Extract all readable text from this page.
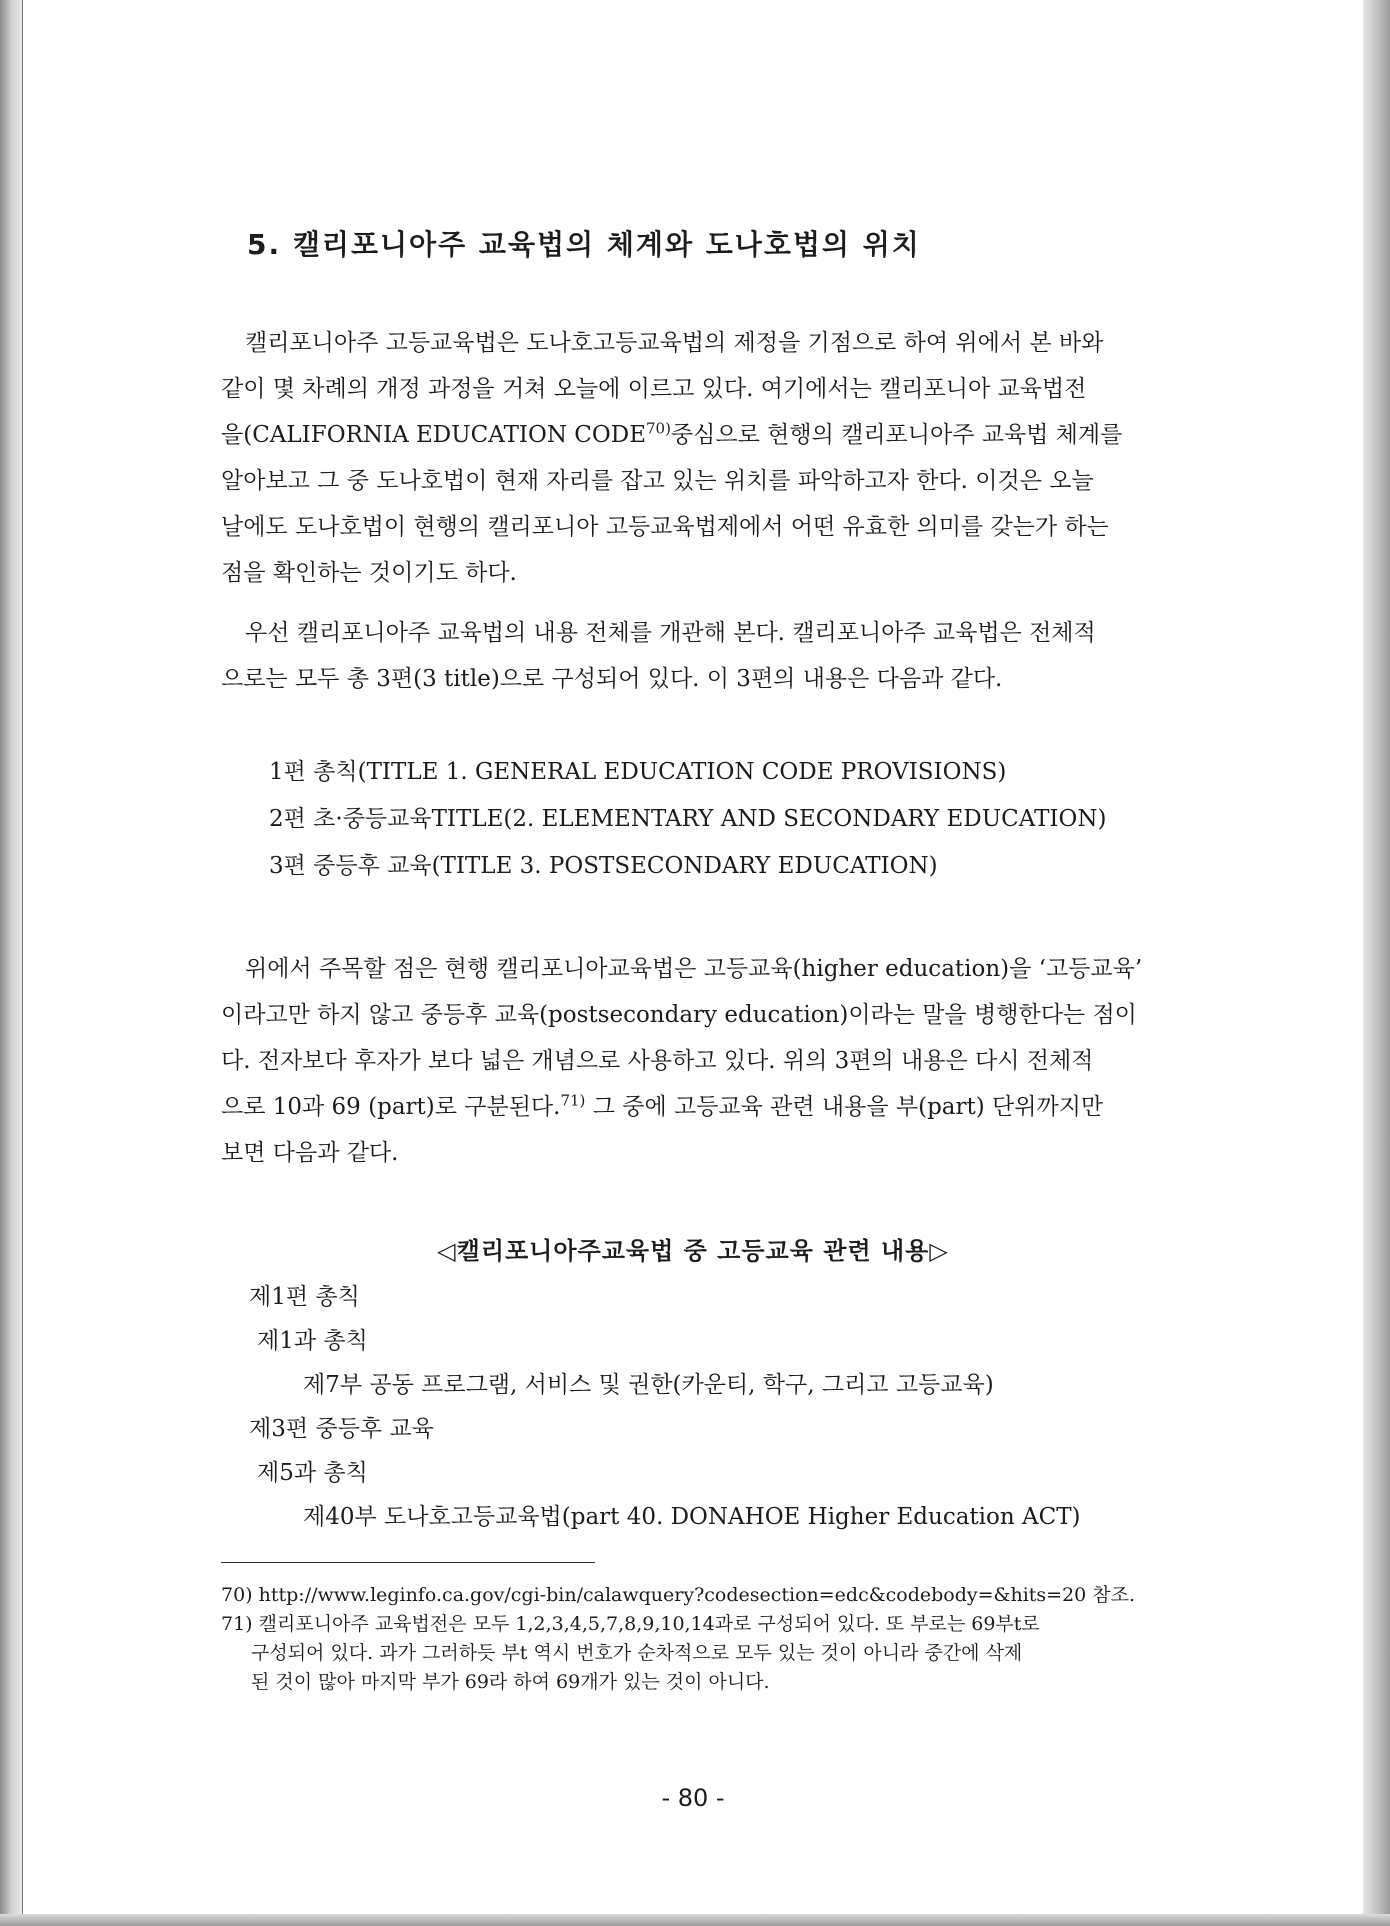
5. 캘리포니아주 교육법의 체계와 도나호법의 위치
캘리포니아주 고등교육법은 도나호고등교육법의 제정을 기점으로 하여 위에서 본 바와
같이 몇 차례의 개정 과정을 거쳐 오늘에 이르고 있다. 여기에서는 캘리포니아 교육법전
을(CALIFORNIA EDUCATION CODE$^{70)}$중심으로 현행의 캘리포니아주 교육법 체계를
알아보고 그 중 도나호법이 현재 자리를 잡고 있는 위치를 파악하고자 한다. 이것은 오늘
날에도 도나호법이 현행의 캘리포니아 고등교육법제에서 어떤 유효한 의미를 갖는가 하는
점을 확인하는 것이기도 하다.
우선 캘리포니아주 교육법의 내용 전체를 개관해 본다. 캘리포니아주 교육법은 전체적
으로는 모두 총 3편(3 title)으로 구성되어 있다. 이 3편의 내용은 다음과 같다.
1편 총칙(TITLE 1. GENERAL EDUCATION CODE PROVISIONS)
2편 초·중등교육TITLE(2. ELEMENTARY AND SECONDARY EDUCATION)
3편 중등후 교육(TITLE 3. POSTSECONDARY EDUCATION)
위에서 주목할 점은 현행 캘리포니아교육법은 고등교육(higher education)을 ‘고등교육’
이라고만 하지 않고 중등후 교육(postsecondary education)이라는 말을 병행한다는 점이
다. 전자보다 후자가 보다 넓은 개념으로 사용하고 있다. 위의 3편의 내용은 다시 전체적
으로 10과 69 (part)로 구분된다.$^{71)}$ 그 중에 고등교육 관련 내용을 부(part) 단위까지만
보면 다음과 같다.
◁캘리포니아주교육법 중 고등교육 관련 내용▷
제1편 총칙
제1과 총칙
제7부 공동 프로그램, 서비스 및 권한(카운티, 학구, 그리고 고등교육)
제3편 중등후 교육
제5과 총칙
제40부 도나호고등교육법(part 40. DONAHOE Higher Education ACT)
70) http://www.leginfo.ca.gov/cgi-bin/calawquery?codesection=edc&codebody=&hits=20 참조.
71) 캘리포니아주 교육법전은 모두 1,2,3,4,5,7,8,9,10,14과로 구성되어 있다. 또 부로는 69부t로
구성되어 있다. 과가 그러하듯 부t 역시 번호가 순차적으로 모두 있는 것이 아니라 중간에 삭제
된 것이 많아 마지막 부가 69라 하여 69개가 있는 것이 아니다.
- 80 -
